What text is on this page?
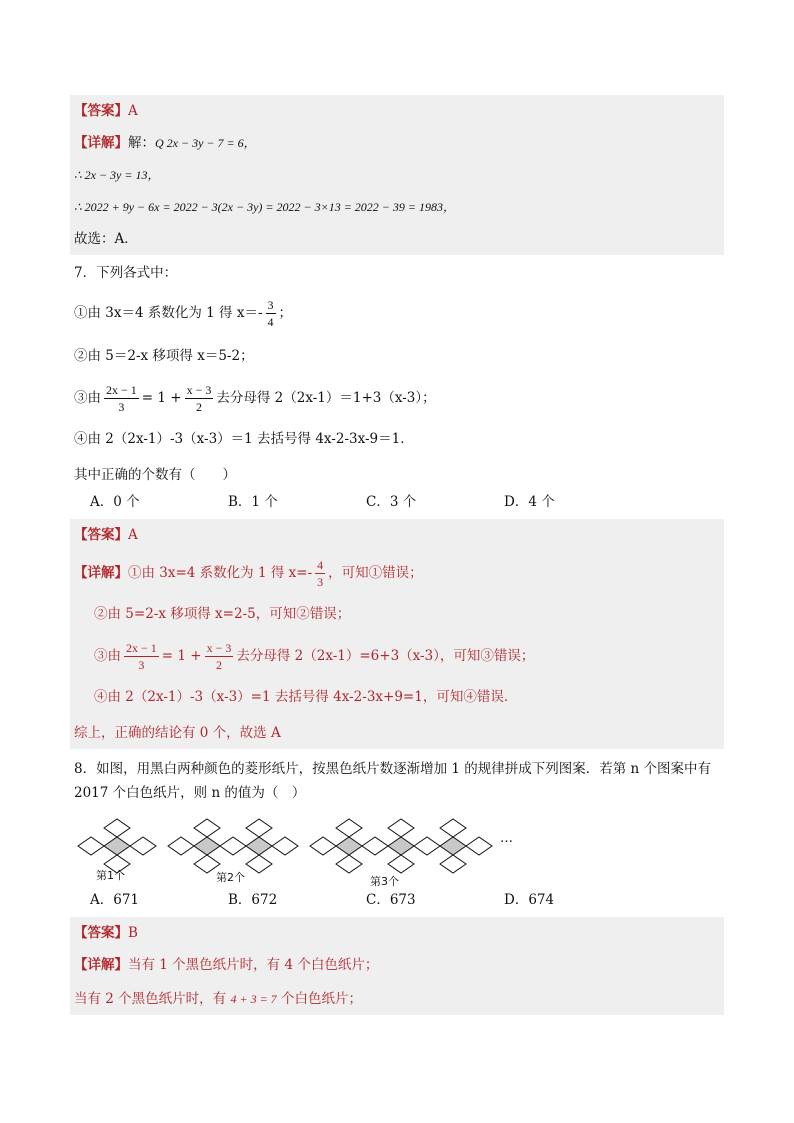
【答案】A
【详解】解：Q 2x − 3y − 7 = 6，
∴ 2x − 3y = 13，
∴ 2022 + 9y − 6x = 2022 − 3(2x − 3y) = 2022 − 3×13 = 2022 − 39 = 1983，
故选：A．
7．下列各式中：
①由 3x＝4 系数化为 1 得 $x=- \frac{3}{4}$ ；
②由 5＝2-x 移项得 x＝5-2；
③由 $\frac{2x - 1}{3} = 1 + \frac{x - 3}{2}$ 去分母得 2（2x-1）＝1+3（x-3）；
④由 2（2x-1）-3（x-3）＝1 去括号得 4x-2-3x-9＝1．
其中正确的个数有（　　）
A．0 个	B．1 个	C．3 个	D．4 个
【答案】A
【详解】①由 3x=4 系数化为 1 得 $x=- \frac{4}{3}$ ，可知①错误；
②由 5=2-x 移项得 x=2-5，可知②错误；
③由 $\frac{2x - 1}{3} = 1 + \frac{x - 3}{2}$ 去分母得 2（2x-1）=6+3（x-3），可知③错误；
④由 2（2x-1）-3（x-3）=1 去括号得 4x-2-3x+9=1，可知④错误．
综上，正确的结论有 0 个，故选 A
8．如图，用黑白两种颜色的菱形纸片，按黑色纸片数逐渐增加 1 的规律拼成下列图案．若第 n 个图案中有
2017 个白色纸片，则 n 的值为（　）
第1个	第2个	第3个
…
A．671	B．672	C．673	D．674
【答案】B
【详解】当有 1 个黑色纸片时，有 4 个白色纸片；
当有 2 个黑色纸片时，有 4 + 3 = 7 个白色纸片；
